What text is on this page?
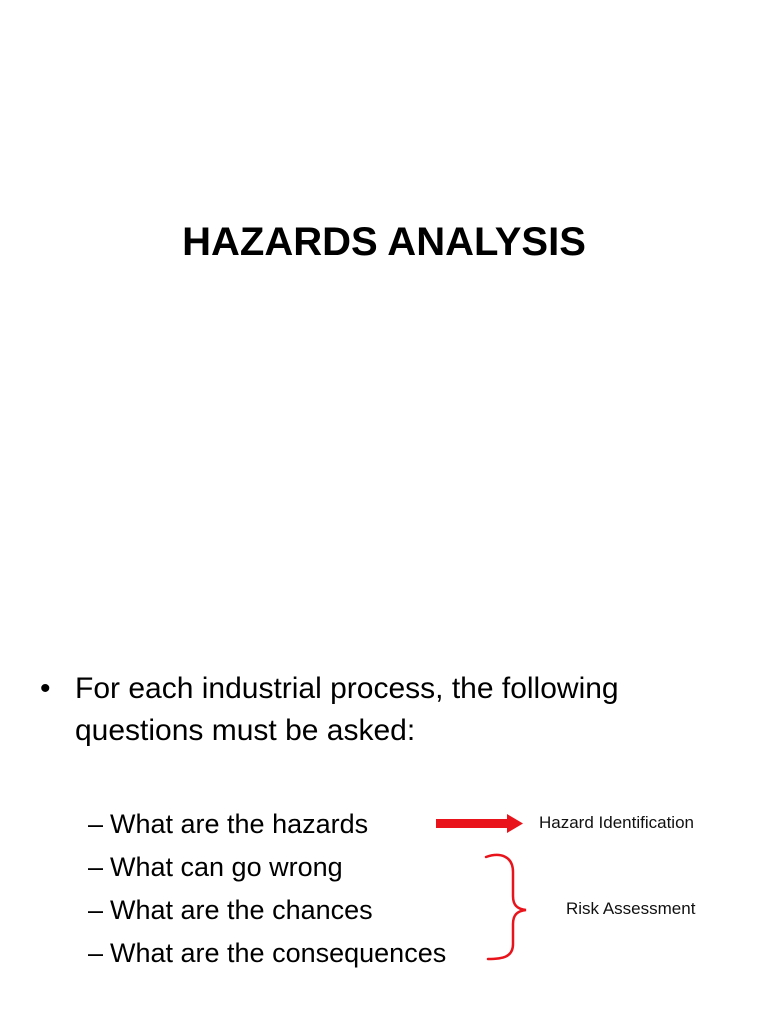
HAZARDS ANALYSIS
• For each industrial process, the following questions must be asked:
– What are the hazards
– What can go wrong
– What are the chances
– What are the consequences
Hazard Identification
Risk Assessment
